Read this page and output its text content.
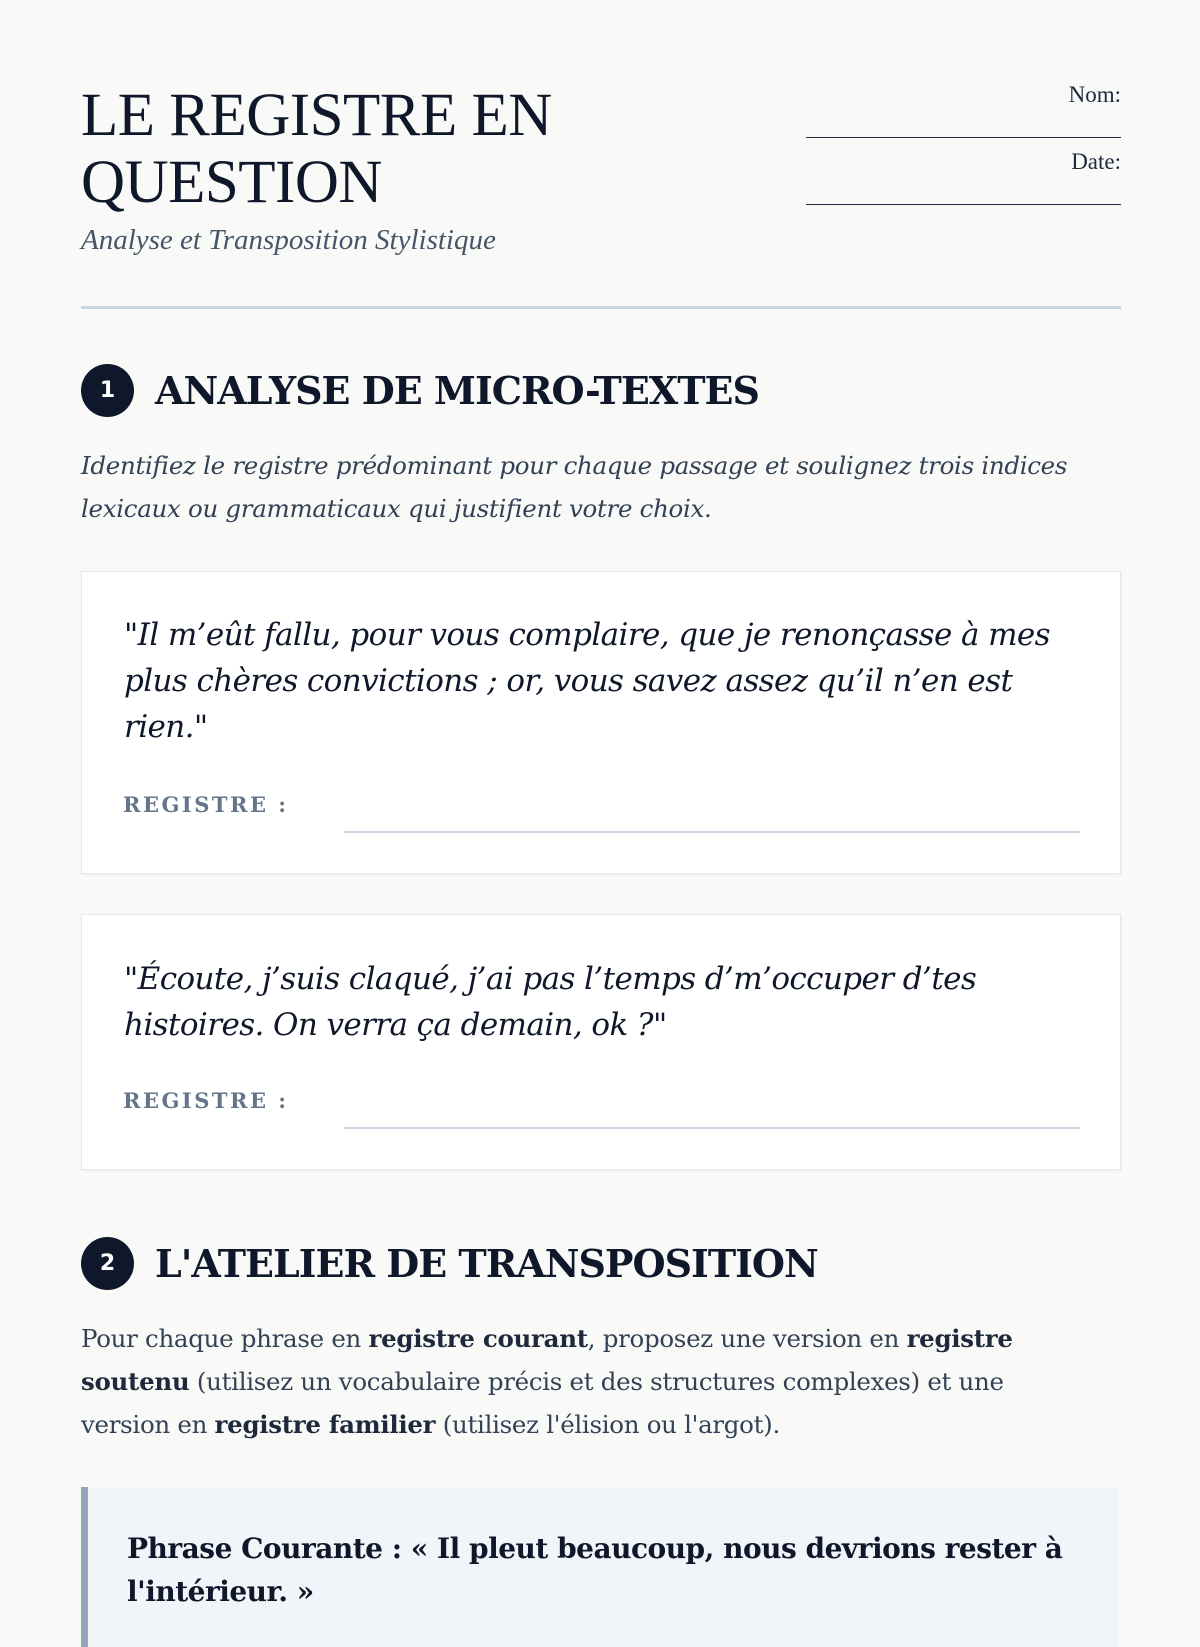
LE REGISTRE EN QUESTION

Analyse et Transposition Stylistique

Nom:
Date:
1	ANALYSE DE MICRO-TEXTES

Identifiez le registre prédominant pour chaque passage et soulignez trois indices lexicaux ou grammaticaux qui justifient votre choix.

"Il m’eût fallu, pour vous complaire, que je renonçasse à mes plus chères convictions ; or, vous savez assez qu’il n’en est rien."

REGISTRE :

"Écoute, j’suis claqué, j’ai pas l’temps d’m’occuper d’tes histoires. On verra ça demain, ok ?"

REGISTRE :
2	L'ATELIER DE TRANSPOSITION

Pour chaque phrase en registre courant, proposez une version en registre soutenu (utilisez un vocabulaire précis et des structures complexes) et une version en registre familier (utilisez l'élision ou l'argot).

Phrase Courante : « Il pleut beaucoup, nous devrions rester à l'intérieur. »
